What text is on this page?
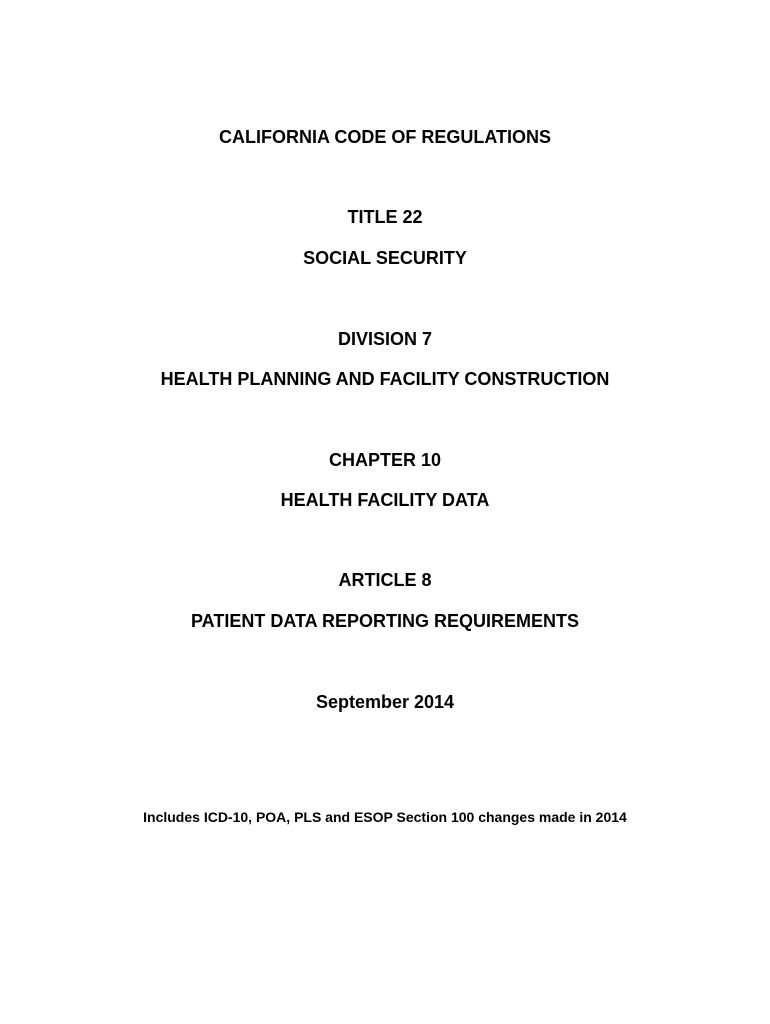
CALIFORNIA CODE OF REGULATIONS
TITLE 22
SOCIAL SECURITY
DIVISION 7
HEALTH PLANNING AND FACILITY CONSTRUCTION
CHAPTER 10
HEALTH FACILITY DATA
ARTICLE 8
PATIENT DATA REPORTING REQUIREMENTS
September 2014
Includes ICD-10, POA, PLS and ESOP Section 100 changes made in 2014
